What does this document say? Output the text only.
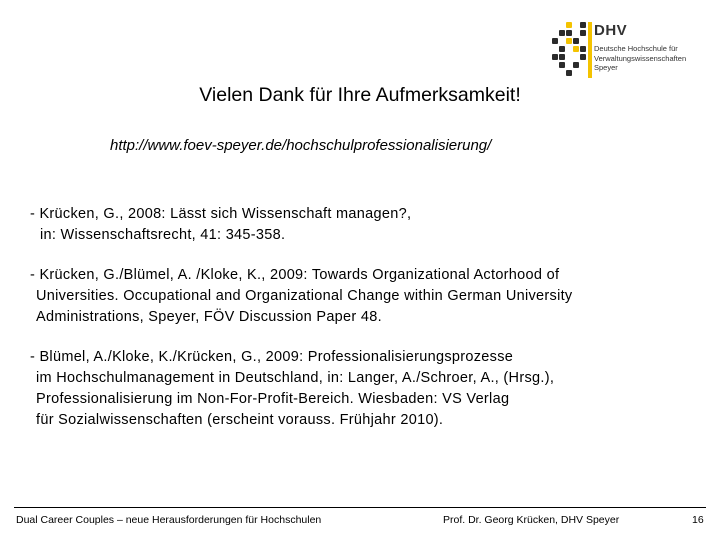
DHV
Deutsche Hochschule für
Verwaltungswissenschaften
Speyer
Vielen Dank für Ihre Aufmerksamkeit!
http://www.foev-speyer.de/hochschulprofessionalisierung/
- Krücken, G., 2008: Lässt sich Wissenschaft managen?,
in: Wissenschaftsrecht, 41: 345-358.
- Krücken, G./Blümel, A. /Kloke, K., 2009: Towards Organizational Actorhood of
Universities. Occupational and Organizational Change within German University
Administrations, Speyer, FÖV Discussion Paper 48.
- Blümel, A./Kloke, K./Krücken, G., 2009: Professionalisierungsprozesse
im Hochschulmanagement in Deutschland, in: Langer, A./Schroer, A., (Hrsg.),
Professionalisierung im Non-For-Profit-Bereich. Wiesbaden: VS Verlag
für Sozialwissenschaften (erscheint vorauss. Frühjahr 2010).
Dual Career Couples – neue Herausforderungen für Hochschulen	Prof. Dr. Georg Krücken, DHV Speyer	16
